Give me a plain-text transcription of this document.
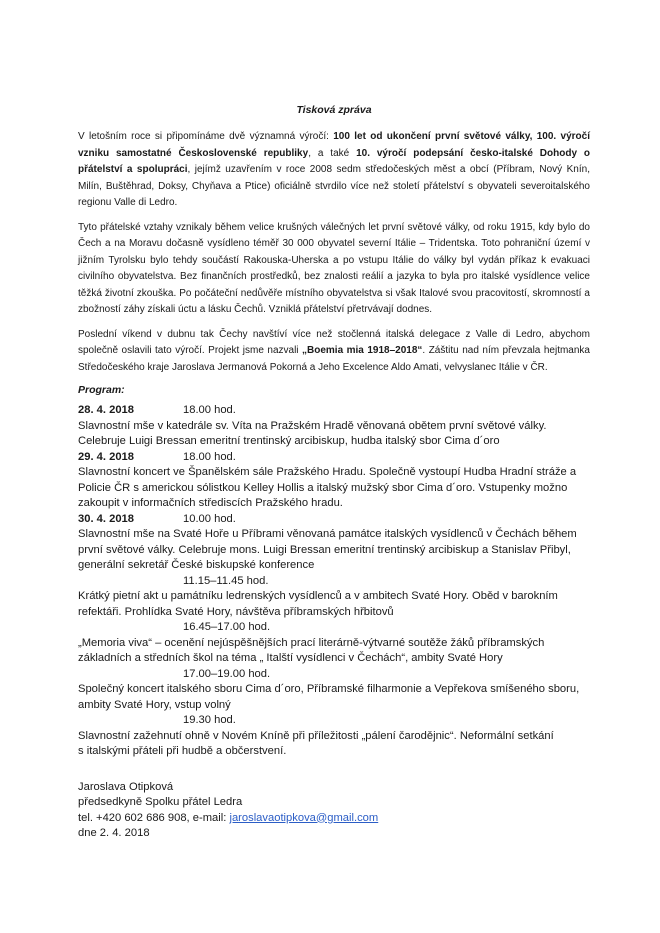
Tisková zpráva

V letošním roce si připomínáme dvě významná výročí: 100 let od ukončení první světové války, 100. výročí vzniku samostatné Československé republiky, a také 10. výročí podepsání česko-italské Dohody o přátelství a spolupráci, jejímž uzavřením v roce 2008 sedm středočeských měst a obcí (Příbram, Nový Knín, Milín, Buštěhrad, Doksy, Chyňava a Ptice) oficiálně stvrdilo více než století přátelství s obyvateli severoitalského regionu Valle di Ledro.

Tyto přátelské vztahy vznikaly během velice krušných válečných let první světové války, od roku 1915, kdy bylo do Čech a na Moravu dočasně vysídleno téměř 30 000 obyvatel severní Itálie – Tridentska. Toto pohraniční území v jižním Tyrolsku bylo tehdy součástí Rakouska-Uherska a po vstupu Itálie do války byl vydán příkaz k evakuaci civilního obyvatelstva. Bez finančních prostředků, bez znalosti reálií a jazyka to byla pro italské vysídlence velice těžká životní zkouška. Po počáteční nedůvěře místního obyvatelstva si však Italové svou pracovitostí, skromností a zbožností záhy získali úctu a lásku Čechů. Vzniklá přátelství přetrvávají dodnes.

Poslední víkend v dubnu tak Čechy navštíví více než stočlenná italská delegace z Valle di Ledro, abychom společně oslavili tato výročí. Projekt jsme nazvali „Boemia mia 1918–2018“. Záštitu nad ním převzala hejtmanka Středočeského kraje Jaroslava Jermanová Pokorná a Jeho Excelence Aldo Amati, velvyslanec Itálie v ČR.

Program:
28. 4. 2018	18.00 hod.
Slavnostní mše v katedrále sv. Víta na Pražském Hradě věnovaná obětem první světové války.
Celebruje Luigi Bressan emeritní trentinský arcibiskup, hudba italský sbor Cima d´oro
29. 4. 2018	18.00 hod.
Slavnostní koncert ve Španělském sále Pražského Hradu. Společně vystoupí Hudba Hradní stráže a
Policie ČR s americkou sólistkou Kelley Hollis a italský mužský sbor Cima d´oro. Vstupenky možno
zakoupit v informačních střediscích Pražského hradu.
30. 4. 2018	10.00 hod.
Slavnostní mše na Svaté Hoře u Příbrami věnovaná památce italských vysídlenců v Čechách během
první světové války. Celebruje mons. Luigi Bressan emeritní trentinský arcibiskup a Stanislav Přibyl,
generální sekretář České biskupské konference
11.15–11.45 hod.
Krátký pietní akt u památníku ledrenských vysídlenců a v ambitech Svaté Hory. Oběd v barokním
refektáři. Prohlídka Svaté Hory, návštěva příbramských hřbitovů
16.45–17.00 hod.
„Memoria viva“ – ocenění nejúspěšnějších prací literárně-výtvarné soutěže žáků příbramských
základních a středních škol na téma „ Italští vysídlenci v Čechách“, ambity Svaté Hory
17.00–19.00 hod.
Společný koncert italského sboru Cima d´oro, Příbramské filharmonie a Vepřekova smíšeného sboru,
ambity Svaté Hory, vstup volný
19.30 hod.
Slavnostní zažehnutí ohně v Novém Kníně při příležitosti „pálení čarodějnic“. Neformální setkání
s italskými přáteli při hudbě a občerstvení.
Jaroslava Otipková
předsedkyně Spolku přátel Ledra
tel. +420 602 686 908, e-mail: jaroslavaotipkova@gmail.com
dne 2. 4. 2018
